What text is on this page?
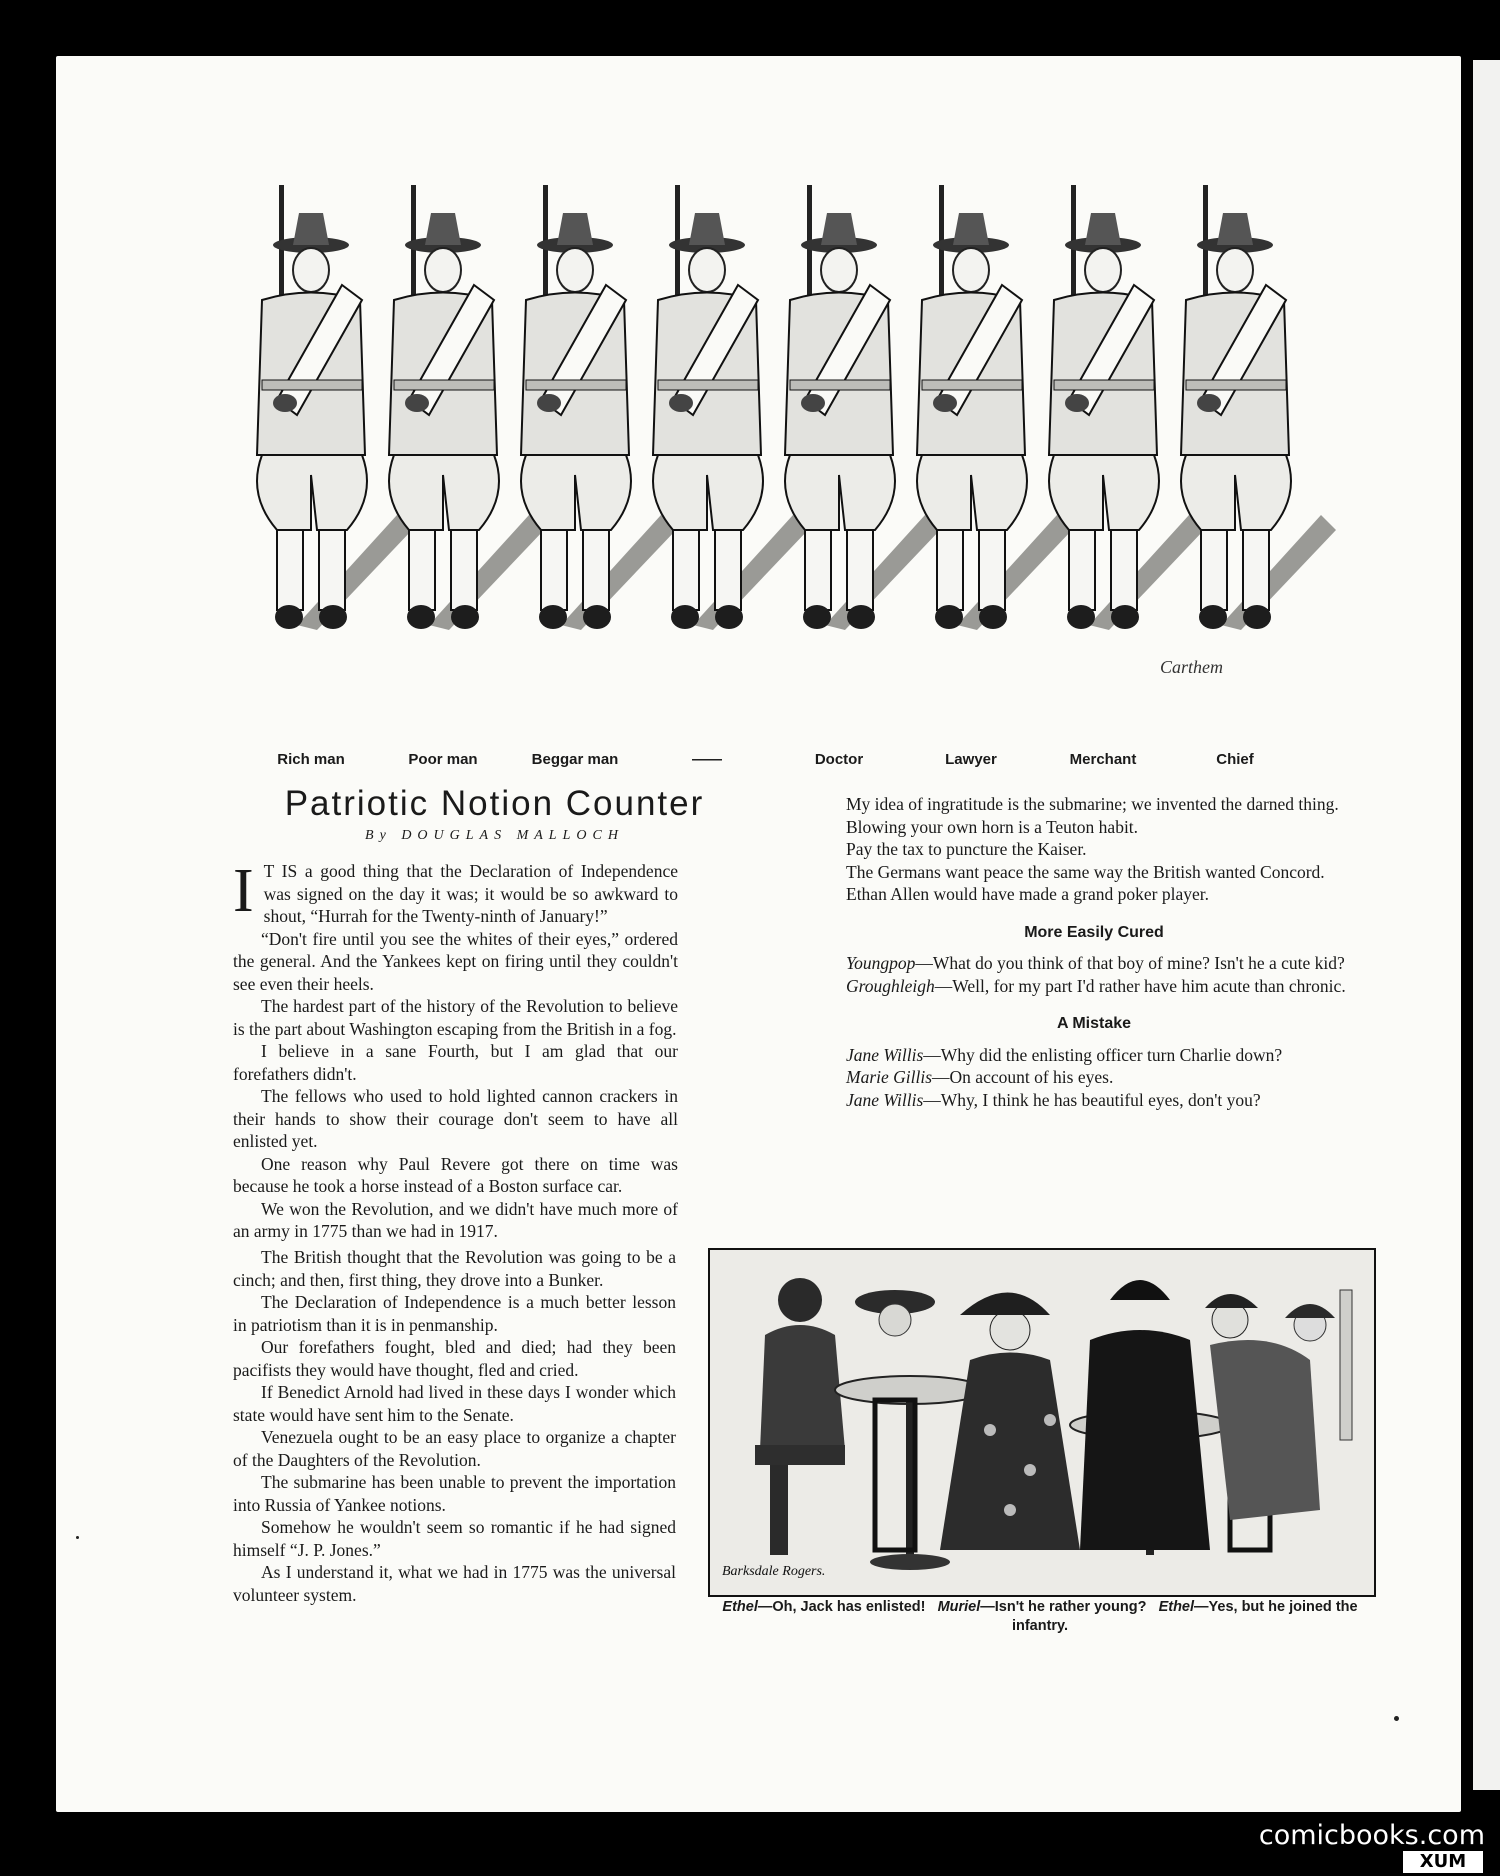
Carthem
Rich man	Poor man	Beggar man	——	Doctor	Lawyer	Merchant	Chief
Patriotic Notion Counter
By DOUGLAS MALLOCH

I T IS a good thing that the Declaration of Independence was signed on the day it was; it would be so awkward to shout, “Hurrah for the Twenty-ninth of January!”

“Don't fire until you see the whites of their eyes,” ordered the general. And the Yankees kept on firing until they couldn't see even their heels.

The hardest part of the history of the Revolution to believe is the part about Washington escaping from the British in a fog.

I believe in a sane Fourth, but I am glad that our forefathers didn't.

The fellows who used to hold lighted cannon crackers in their hands to show their courage don't seem to have all enlisted yet.

One reason why Paul Revere got there on time was because he took a horse instead of a Boston surface car.

We won the Revolution, and we didn't have much more of an army in 1775 than we had in 1917.

The British thought that the Revolution was going to be a cinch; and then, first thing, they drove into a Bunker.

The Declaration of Independence is a much better lesson in patriotism than it is in penmanship.

Our forefathers fought, bled and died; had they been pacifists they would have thought, fled and cried.

If Benedict Arnold had lived in these days I wonder which state would have sent him to the Senate.

Venezuela ought to be an easy place to organize a chapter of the Daughters of the Revolution.

The submarine has been unable to prevent the importation into Russia of Yankee notions.

Somehow he wouldn't seem so romantic if he had signed himself “J. P. Jones.”

As I understand it, what we had in 1775 was the universal volunteer system.

My idea of ingratitude is the submarine; we invented the darned thing.

Blowing your own horn is a Teuton habit.

Pay the tax to puncture the Kaiser.

The Germans want peace the same way the British wanted Concord.

Ethan Allen would have made a grand poker player.

More Easily Cured

Youngpop—What do you think of that boy of mine? Isn't he a cute kid?

Groughleigh—Well, for my part I'd rather have him acute than chronic.

A Mistake

Jane Willis—Why did the enlisting officer turn Charlie down?

Marie Gillis—On account of his eyes.

Jane Willis—Why, I think he has beautiful eyes, don't you?

Barksdale Rogers.
Ethel—Oh, Jack has enlisted! Muriel—Isn't he rather young? Ethel—Yes, but he joined the infantry.
comicbooks.com
XUM
